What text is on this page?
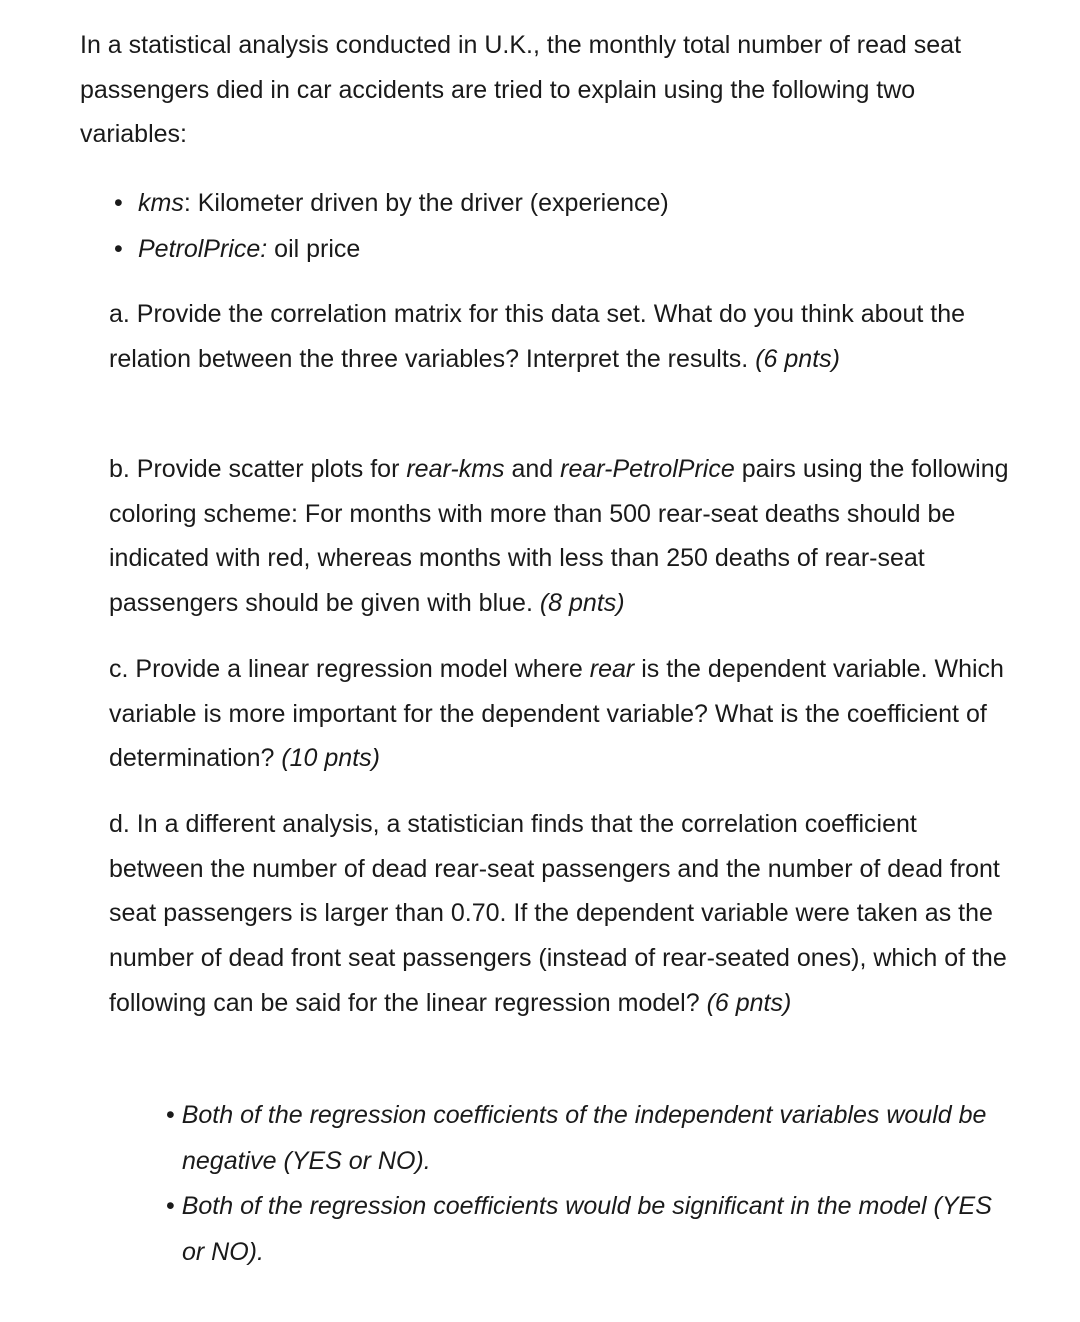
In a statistical analysis conducted in U.K., the monthly total number of read seat passengers died in car accidents are tried to explain using the following two variables:

• kms: Kilometer driven by the driver (experience)
• PetrolPrice: oil price

a. Provide the correlation matrix for this data set. What do you think about the relation between the three variables? Interpret the results. (6 pnts)

b. Provide scatter plots for rear-kms and rear-PetrolPrice pairs using the following coloring scheme: For months with more than 500 rear-seat deaths should be indicated with red, whereas months with less than 250 deaths of rear-seat passengers should be given with blue. (8 pnts)

c. Provide a linear regression model where rear is the dependent variable. Which variable is more important for the dependent variable? What is the coefficient of determination? (10 pnts)

d. In a different analysis, a statistician finds that the correlation coefficient between the number of dead rear-seat passengers and the number of dead front seat passengers is larger than 0.70. If the dependent variable were taken as the number of dead front seat passengers (instead of rear-seated ones), which of the following can be said for the linear regression model? (6 pnts)

• Both of the regression coefficients of the independent variables would be negative (YES or NO).
• Both of the regression coefficients would be significant in the model (YES or NO).
